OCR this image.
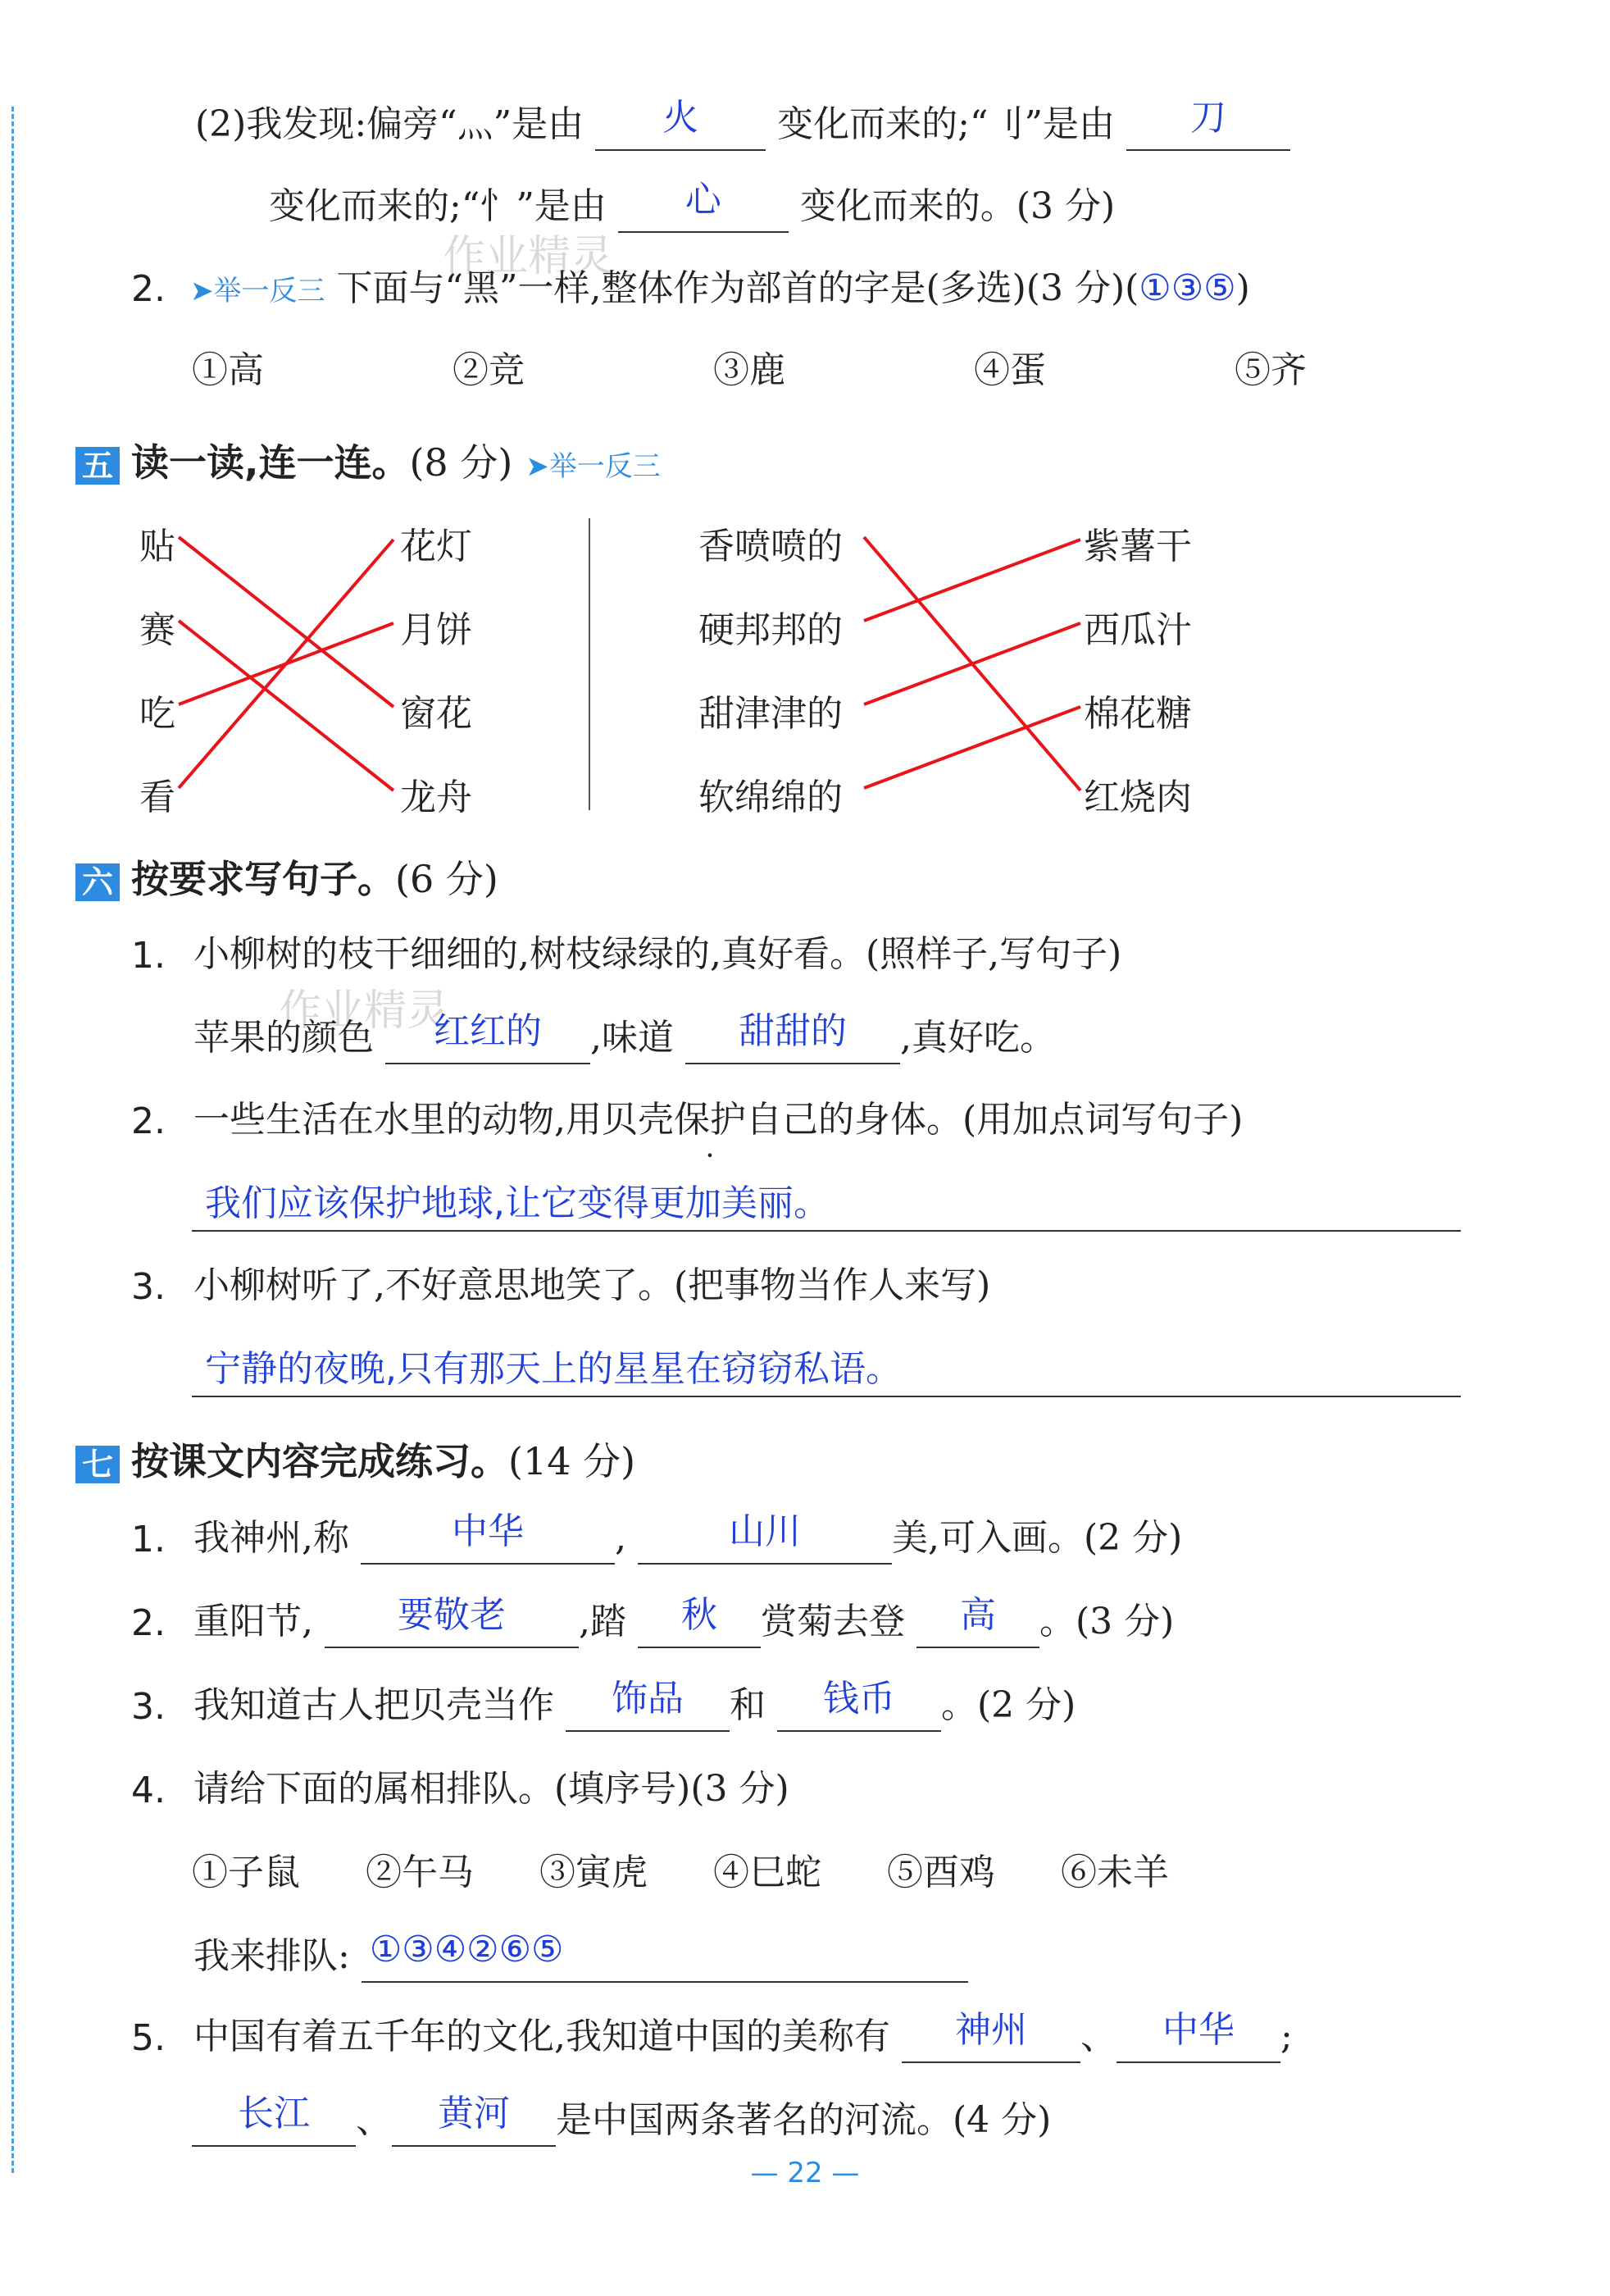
作业精灵
作业精灵
(2)我发现:偏旁“灬”是由 火 变化而来的;“刂”是由 刀
变化而来的;“忄”是由 心 变化而来的。(3 分)
2. ➤举一反三 下面与“黑”一样,整体作为部首的字是(多选)(3 分)(①③⑤)
①高	②竞	③鹿	④蛋	⑤齐
五 读一读,连一连。(8 分) ➤举一反三
贴
赛
吃
看
花灯
月饼
窗花
龙舟
香喷喷的
硬邦邦的
甜津津的
软绵绵的
紫薯干
西瓜汁
棉花糖
红烧肉
六 按要求写句子。(6 分)
1. 小柳树的枝干细细的,树枝绿绿的,真好看。(照样子,写句子)
苹果的颜色 红红的 ,味道 甜甜的 ,真好吃。
2. 一些生活在水里的动物,用贝壳保护自己的身体。(用加点词写句子)
我们应该保护地球,让它变得更加美丽。
3. 小柳树听了,不好意思地笑了。(把事物当作人来写)
宁静的夜晚,只有那天上的星星在窃窃私语。
七 按课文内容完成练习。(14 分)
1. 我神州,称	中华	,	山川	美,可入画。(2 分)
2. 重阳节, 要敬老 ,踏 秋 赏菊去登 高 。(3 分)
3. 我知道古人把贝壳当作 饰品 和 钱币 。(2 分)
4. 请给下面的属相排队。(填序号)(3 分)
①子鼠 ②午马 ③寅虎 ④巳蛇 ⑤酉鸡 ⑥未羊
我来排队: ①③④②⑥⑤
5. 中国有着五千年的文化,我知道中国的美称有 神州 、 中华 ;
长江 、 黄河 是中国两条著名的河流。(4 分)
— 22 —
